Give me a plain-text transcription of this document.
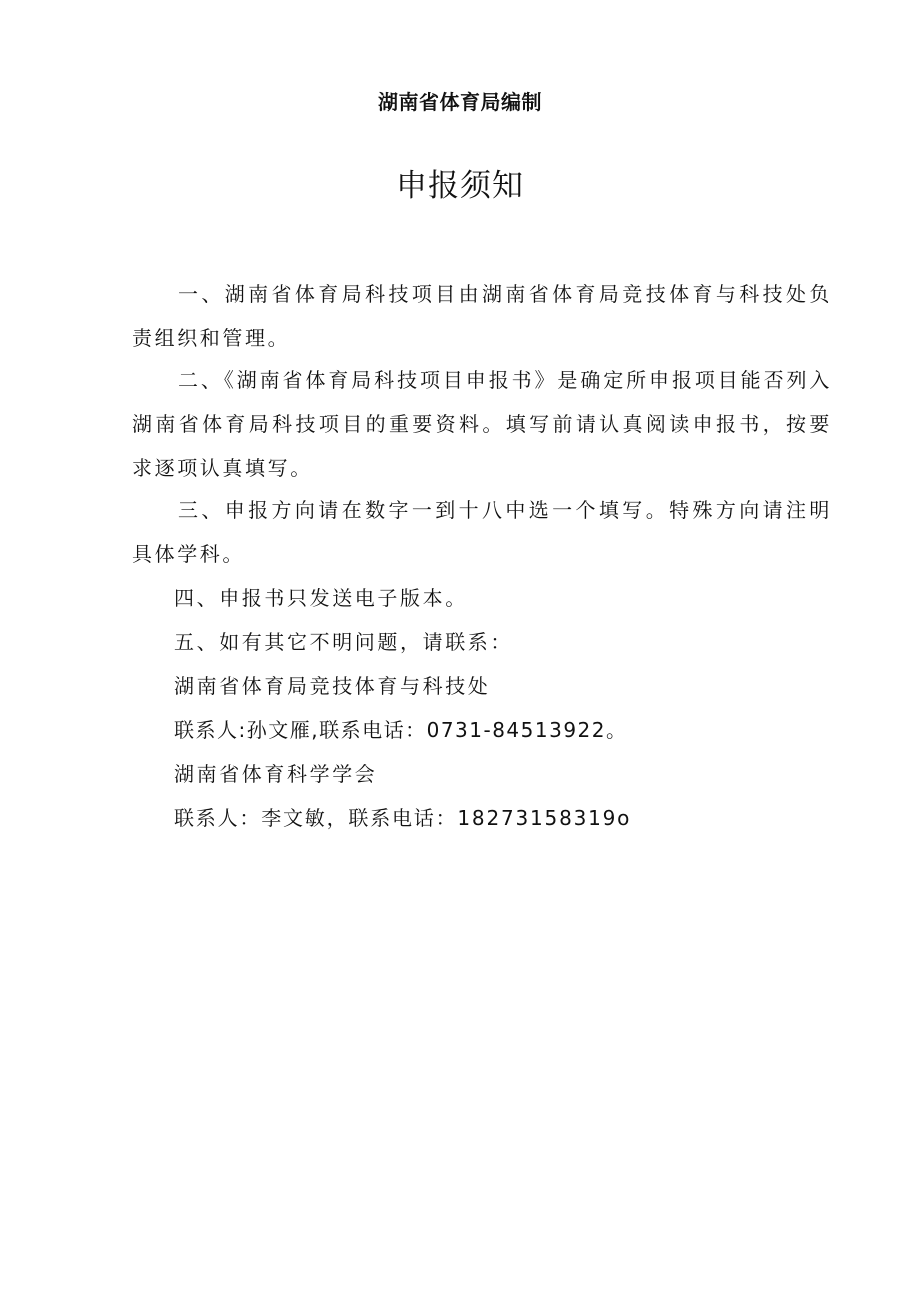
湖南省体育局编制
申报须知

一、湖南省体育局科技项目由湖南省体育局竞技体育与科技处负责组织和管理。

二、《湖南省体育局科技项目申报书》是确定所申报项目能否列入湖南省体育局科技项目的重要资料。填写前请认真阅读申报书，按要求逐项认真填写。

三、申报方向请在数字一到十八中选一个填写。特殊方向请注明具体学科。

四、申报书只发送电子版本。

五、如有其它不明问题，请联系：

湖南省体育局竞技体育与科技处

联系人:孙文雁,联系电话：0731-84513922。

湖南省体育科学学会

联系人：李文敏，联系电话：18273158319o
